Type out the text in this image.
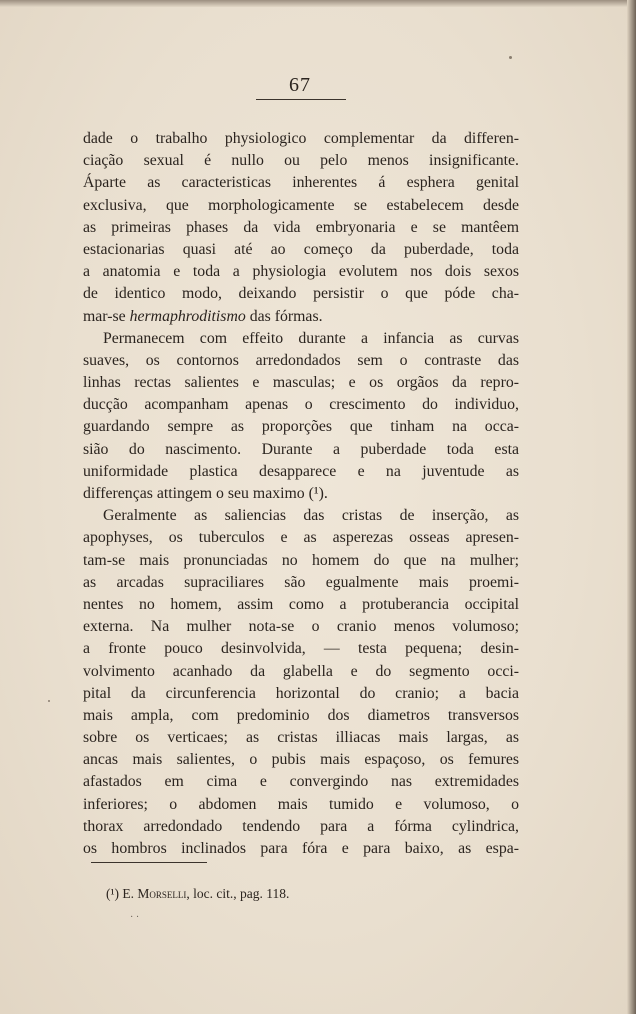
67
dade o trabalho physiologico complementar da differen-
ciação sexual é nullo ou pelo menos insignificante.
Áparte as caracteristicas inherentes á esphera genital
exclusiva, que morphologicamente se estabelecem desde
as primeiras phases da vida embryonaria e se mantêem
estacionarias quasi até ao começo da puberdade, toda
a anatomia e toda a physiologia evolutem nos dois sexos
de identico modo, deixando persistir o que póde cha-
mar-se hermaphroditismo das fórmas.
Permanecem com effeito durante a infancia as curvas
suaves, os contornos arredondados sem o contraste das
linhas rectas salientes e masculas; e os orgãos da repro-
ducção acompanham apenas o crescimento do individuo,
guardando sempre as proporções que tinham na occa-
sião do nascimento. Durante a puberdade toda esta
uniformidade plastica desapparece e na juventude as
differenças attingem o seu maximo (¹).
Geralmente as saliencias das cristas de inserção, as
apophyses, os tuberculos e as asperezas osseas apresen-
tam-se mais pronunciadas no homem do que na mulher;
as arcadas supraciliares são egualmente mais proemi-
nentes no homem, assim como a protuberancia occipital
externa. Na mulher nota-se o cranio menos volumoso;
a fronte pouco desinvolvida, — testa pequena; desin-
volvimento acanhado da glabella e do segmento occi-
pital da circunferencia horizontal do cranio; a bacia
mais ampla, com predominio dos diametros transversos
sobre os verticaes; as cristas illiacas mais largas, as
ancas mais salientes, o pubis mais espaçoso, os femures
afastados em cima e convergindo nas extremidades
inferiores; o abdomen mais tumido e volumoso, o
thorax arredondado tendendo para a fórma cylindrica,
os hombros inclinados para fóra e para baixo, as espa-
(¹) E. Morselli, loc. cit., pag. 118.
· ·
